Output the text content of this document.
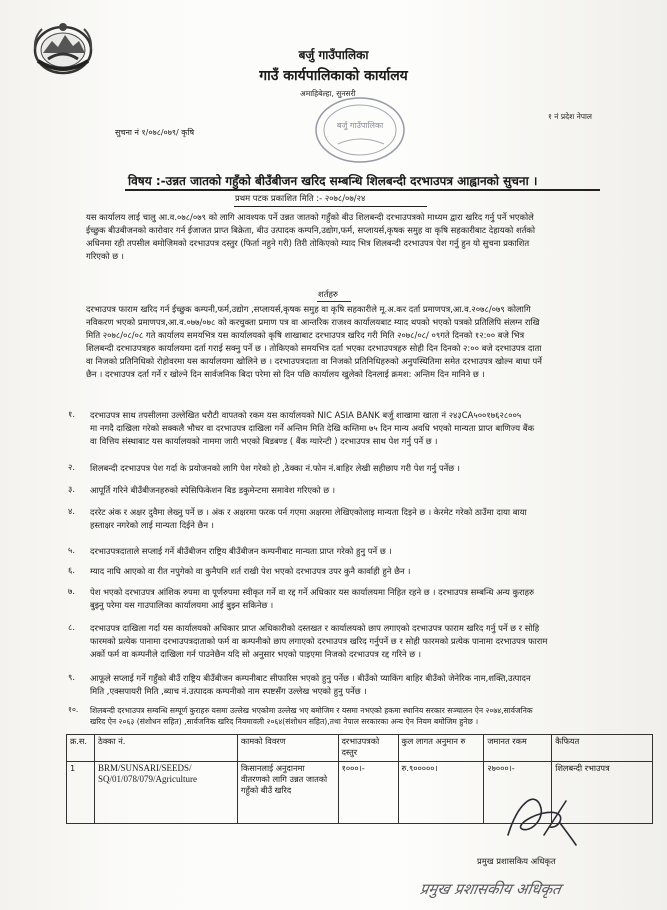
बर्जु गाउँपालिका
गाउँ कार्यपालिकाको कार्यालय
अमाहिबेल्हा, सुनसरी
१ नं प्रदेश नेपाल
सुचना नं १/०७८/०७९/ कृषि
बर्जु गाउँपालिका
विषय :-उन्नत जातको गहुँको बीउँबीजन खरिद सम्बन्धि शिलबन्दी दरभाउपत्र आह्वानको सुचना ।
प्रथम पटक प्रकाशित मिति :- २०७८/०७/२४
यस कार्यालय लाई चालु आ.व.०७८/०७९ को लागि आवश्यक पर्ने उन्नत जातको गहुँको बीउ शिलबन्दी दरभाउपत्रको माध्यम द्वारा खरिद गर्नु पर्ने भएकोले
ईच्छुक बीउबीजनको कारोवार गर्न ईजाजत प्राप्त बिक्रेता, बीउ उत्पादक कम्पनि,उद्योग,फर्म, सप्लायर्स,कृषक समुह वा कृषि सहकारीबाट देहायको शर्तको
अधिनमा रही तपसील बमोजिमको दरभाउपत्र दस्तुर (फिर्ता नहुने गरी) तिरी तोकिएको म्याद भित्र शिलबन्दी दरभाउपत्र पेश गर्नु हुन यो सुचना प्रकाशित
गरिएको छ ।
शर्तहरु
दरभाउपत्र फाराम खरिद गर्न ईच्छुक कम्पनी,फर्म,उद्योग ,सप्लायर्स,कृषक समुह वा कृषि सहकारीले मू.अ.कर दर्ता प्रमाणपत्र,आ.व.२०७८/०७९ कोलागि
नविकरण भएको प्रमाणपत्र,आ.व.०७७/०७८ को करचुक्ता प्रमाण पत्र वा आन्तरिक राजश्व कार्यालयबाट म्याद थपको भएको पत्रको प्रतिलिपि संलग्न राखि
मिति २०७८/०८/०८ गते कार्यालय समयभित्र यस कार्यालयको कृषि शाखाबाट दरभाउपत्र खरिद गरी मिति २०७८/०८/ ०९गते दिनको १२:०० बजे भित्र
शिलबन्दी दरभाउपत्रहरु कार्यालयमा दर्ता गराई सक्नु पर्ने छ । तोकिएको समयभित्र दर्ता भएका दरभाउपत्रहरु सोही दिन दिनको २:०० बजे दरभाउपत्र दाता
वा निजको प्रतिनिधिको रोहोवरमा यस कार्यालयमा खोलिने छ । दरभाउपत्रदाता वा निजको प्रतिनिधिहरुको अनुपस्थितिमा समेत दरभाउपत्र खोल्न बाधा पर्ने
छैन । दरभाउपत्र दर्ता गर्ने र खोल्ने दिन सार्वजनिक बिदा परेमा सो दिन पछि कार्यालय खुलेको दिनलाई क्रमश: अन्तिम दिन मानिने छ ।
१. दरभाउपत्र साथ तपसीलमा उल्लेखित धरौटी वापतको रकम यस कार्यालयको NIC ASIA BANK बर्जु शाखामा खाता नं २४३CA५००१७६२८००५
मा नगदै दाखिला गरेको सक्कलै भौचर वा दरभाउपत्र दाखिला गर्ने अन्तिम मिति देखि कम्तिमा ७५ दिन मान्य अवधि भएको मान्यता प्राप्त बाणिज्य बैंक
वा वित्तिय संस्थाबाट यस कार्यालयको नाममा जारी भएको बिडबण्ड ( बैंक ग्यारेन्टी ) दरभाउपत्र साथ पेश गर्नु पर्ने छ ।
२. शिलबन्दी दरभाउपत्र पेश गर्दा के प्रयोजनको लागि पेश गरेको हो ,ठेक्का नं.फोन नं.बाहिर लेखी सहीछाप गरी पेश गर्नु पर्नेछ ।
३. आपूर्ति गरिने बीउँबीजनहरुको स्पेसिफिकेशन बिड डकुमेन्टमा समावेश गरिएको छ ।
४. दररेट अंक र अक्षर दुवैमा लेख्नु पर्ने छ । अंक र अक्षरमा फरक पर्न गएमा अक्षरमा लेखिएकोलाइ मान्यता दिइने छ । केरमेट गरेको ठाउँमा दाया बाया
हस्ताक्षर नगरेको लाई मान्यता दिईने छैन ।
५. दरभाउपत्रदाताले सप्लाई गर्ने बीउँबीजन राष्ट्रिय बीउँबीजन कम्पनीबाट मान्यता प्राप्त गरेको हुनु पर्ने छ ।
६. म्याद नाघि आएको वा रीत नपुगेको वा कुनैपनि शर्त राखी पेश भएको दरभाउपत्र उपर कुनै कार्वाही हुने छैन ।
७. पेश भएको दरभाउपत्र आंशिक रुपमा वा पूर्णरुपमा स्वीकृत गर्ने वा रद्द गर्ने अधिकार यस कार्यालयमा निहित रहने छ । दरभाउपत्र सम्बन्धि अन्य कुराहरु
बुझ्नु परेमा यस गाउपालिका कार्यालयमा आई बुझ्न सकिनेछ ।
८. दरभाउपत्र दाखिला गर्दा यस कार्यालयको अधिकार प्राप्त अधिकारीको दस्तखत र कार्यालयको छाप लगाएको दरभाउपत्र फाराम खरिद गर्नु पर्ने छ र सोहि
फारमको प्रत्येक पानामा दरभाउपत्रदाताको फर्म वा कम्पनीको छाप लगाएको दरभाउपत्र खरिद गर्नुपर्ने छ र सोही फारमको प्रत्येक पानामा दरभाउपत्र फाराम
अर्को फर्म वा कम्पनीले दाखिला गर्न पाउनेछैन यदि सो अनुसार भएको पाइएमा निजको दरभाउपत्र रद्द गरिने छ ।
९. आफूले सप्लाई गर्ने गहुँको बीउँ राष्ट्रिय बीउँबीजन कम्पनीबाट सीफारिस भएको हुनु पर्नेछ । बीउँको प्याकिंग बाहिर बीउँको जेनेरिक नाम,शक्ति,उत्पादन
मिति ,एक्सपायरी मिति ,ब्याच नं.उत्पादक कम्पनीको नाम स्पष्टसँग उल्लेख भएको हुनु पर्नेछ ।
१०. शिलबन्दी दरभाउपत्र सम्वन्धि सम्पूर्ण कुराहरु यसमा उल्लेख भएकोमा उल्लेख भए बमोजिम र यसमा नभएको हकमा स्थानिय सरकार सञ्चालन ऐन २०७४,सार्वजनिक
खरिद ऐन २०६३ (संशोधन सहित) ,सार्वजनिक खरिद नियमावली २०६४(संशोधन सहित),तथा नेपाल सरकारका अन्य ऐन नियम बमोजिम हुनेछ ।
क्र.स.	ठेक्का नं.	कामको विवरण	दरभाउपत्रको दस्तुर	कुल लागत अनुमान रु	जमानत रकम	कैफियत
1	BRM/SUNSARI/SEEDS/ SQ/01/078/079/Agriculture	किसानलाई अनुदानमा वीतरणको लागि उन्नत जातको गहुँको बीउँ खरिद	१०००।-	रु.९०००००।	२७०००।-	शिलबन्दी रभाउपत्र
प्रमुख प्रशासकिय अधिकृत
प्रमुख प्रशासकीय अधिकृत
